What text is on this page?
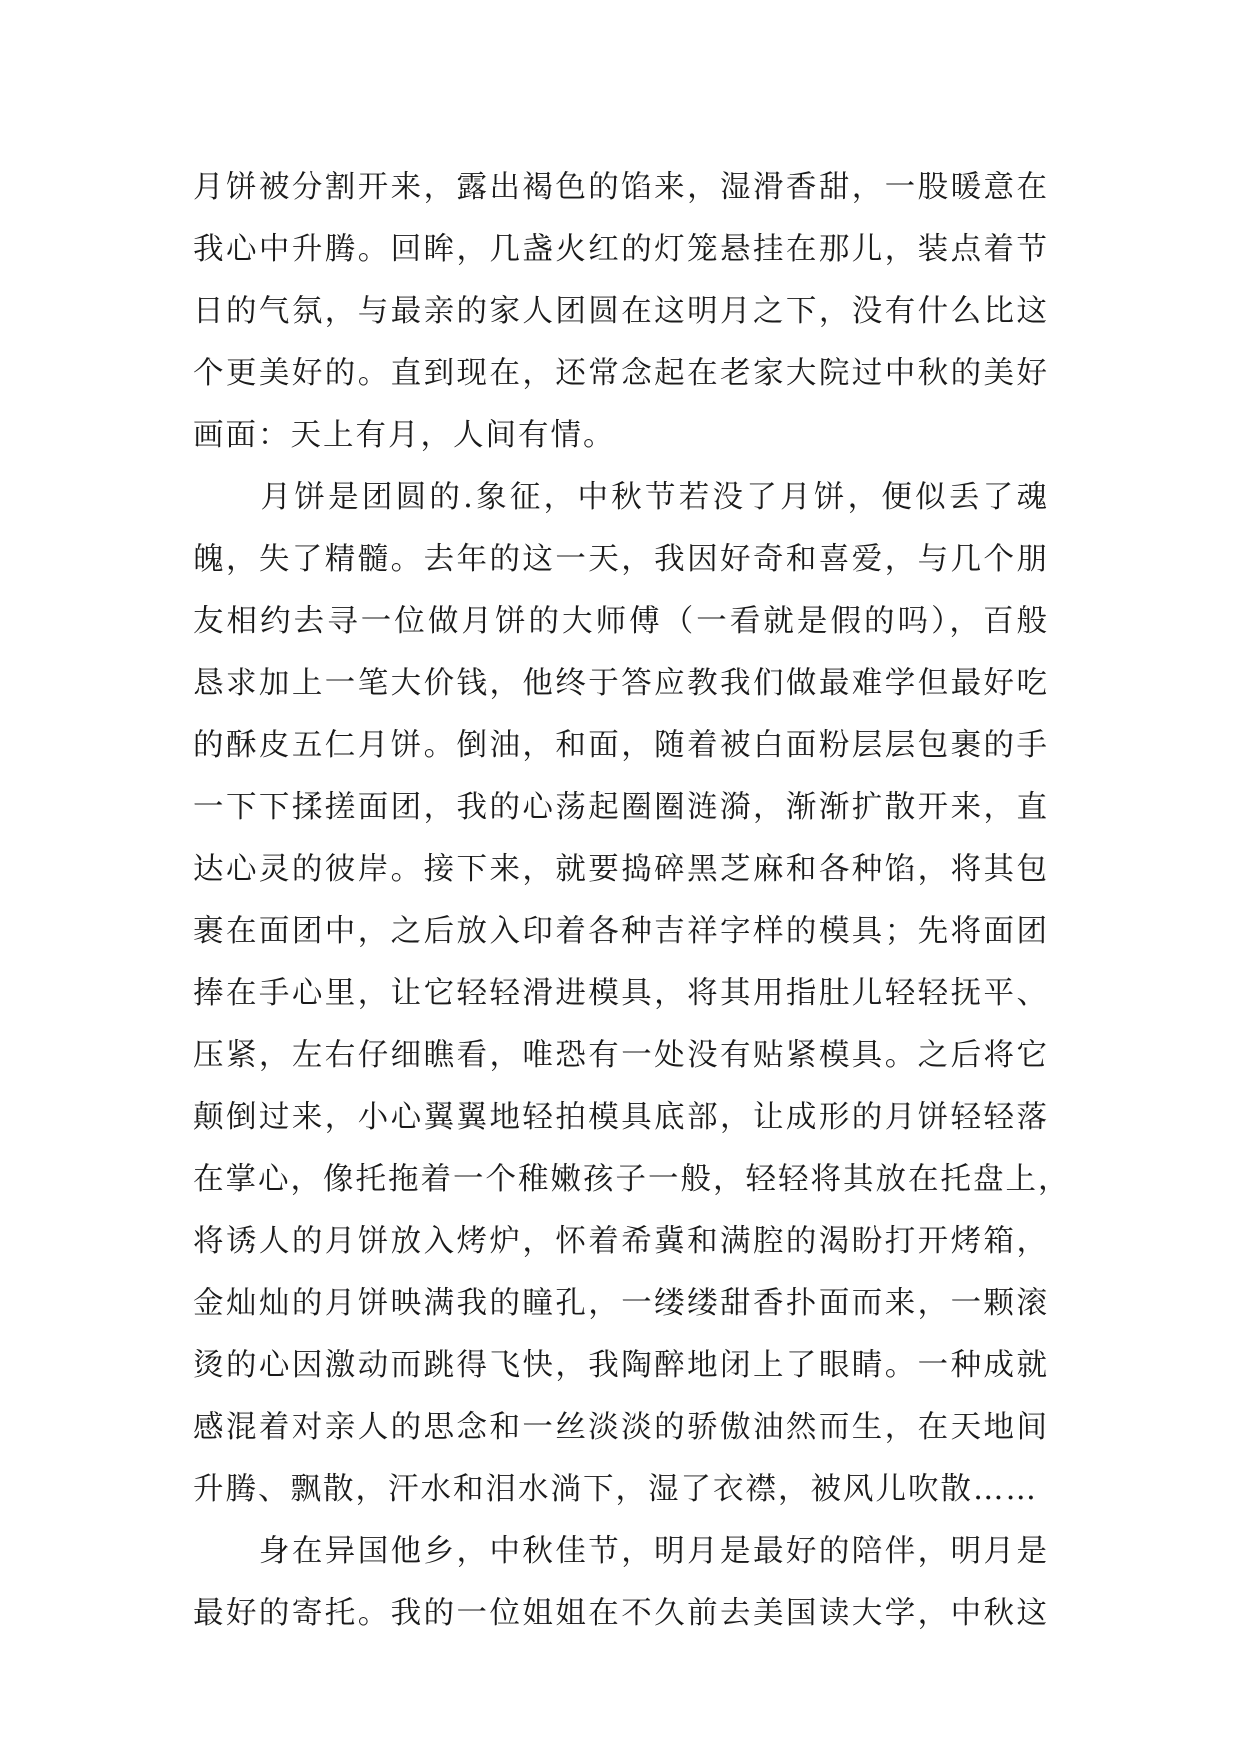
月饼被分割开来，露出褐色的馅来，湿滑香甜，一股暖意在
我心中升腾。回眸，几盏火红的灯笼悬挂在那儿，装点着节
日的气氛，与最亲的家人团圆在这明月之下，没有什么比这
个更美好的。直到现在，还常念起在老家大院过中秋的美好
画面：天上有月，人间有情。
　　月饼是团圆的.象征，中秋节若没了月饼，便似丢了魂
魄，失了精髓。去年的这一天，我因好奇和喜爱，与几个朋
友相约去寻一位做月饼的大师傅（一看就是假的吗），百般
恳求加上一笔大价钱，他终于答应教我们做最难学但最好吃
的酥皮五仁月饼。倒油，和面，随着被白面粉层层包裹的手
一下下揉搓面团，我的心荡起圈圈涟漪，渐渐扩散开来，直
达心灵的彼岸。接下来，就要捣碎黑芝麻和各种馅，将其包
裹在面团中，之后放入印着各种吉祥字样的模具；先将面团
捧在手心里，让它轻轻滑进模具，将其用指肚儿轻轻抚平、
压紧，左右仔细瞧看，唯恐有一处没有贴紧模具。之后将它
颠倒过来，小心翼翼地轻拍模具底部，让成形的月饼轻轻落
在掌心，像托拖着一个稚嫩孩子一般，轻轻将其放在托盘上，
将诱人的月饼放入烤炉，怀着希冀和满腔的渴盼打开烤箱，
金灿灿的月饼映满我的瞳孔，一缕缕甜香扑面而来，一颗滚
烫的心因激动而跳得飞快，我陶醉地闭上了眼睛。一种成就
感混着对亲人的思念和一丝淡淡的骄傲油然而生，在天地间
升腾、飘散，汗水和泪水淌下，湿了衣襟，被风儿吹散……
　　身在异国他乡，中秋佳节，明月是最好的陪伴，明月是
最好的寄托。我的一位姐姐在不久前去美国读大学，中秋这
